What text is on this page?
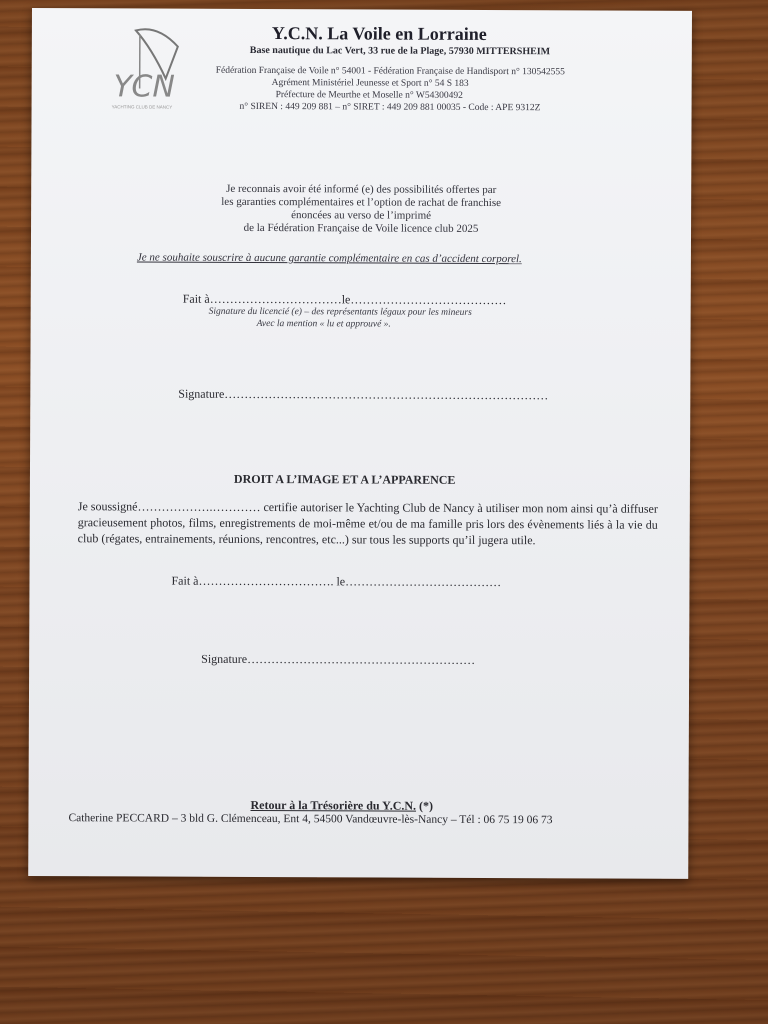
YCN
YACHTING CLUB DE NANCY
Y.C.N. La Voile en Lorraine
Base nautique du Lac Vert, 33 rue de la Plage, 57930 MITTERSHEIM
Fédération Française de Voile n° 54001 - Fédération Française de Handisport n° 130542555
Agrément Ministériel Jeunesse et Sport n° 54 S 183
Préfecture de Meurthe et Moselle n° W54300492
n° SIREN : 449 209 881 – n° SIRET : 449 209 881 00035 - Code : APE 9312Z
Je reconnais avoir été informé (e) des possibilités offertes par
les garanties complémentaires et l’option de rachat de franchise
énoncées au verso de l’imprimé
de la Fédération Française de Voile licence club 2025
Je ne souhaite souscrire à aucune garantie complémentaire en cas d’accident corporel.
Fait à……………………………le…………………………………
Signature du licencié (e) – des représentants légaux pour les mineurs
Avec la mention « lu et approuvé ».
Signature………………………………………………………………………
DROIT A L’IMAGE ET A L’APPARENCE
Je soussigné……………….………… certifie autoriser le Yachting Club de Nancy à utiliser mon nom ainsi qu’à diffuser gracieusement photos, films, enregistrements de moi-même et/ou de ma famille pris lors des évènements liés à la vie du club (régates, entrainements, réunions, rencontres, etc...) sur tous les supports qu’il jugera utile.
Fait à……………………………. le…………………………………
Signature…………………………………………………
Retour à la Trésorière du Y.C.N. (*)
Catherine PECCARD – 3 bld G. Clémenceau, Ent 4, 54500 Vandœuvre-lès-Nancy – Tél : 06 75 19 06 73
